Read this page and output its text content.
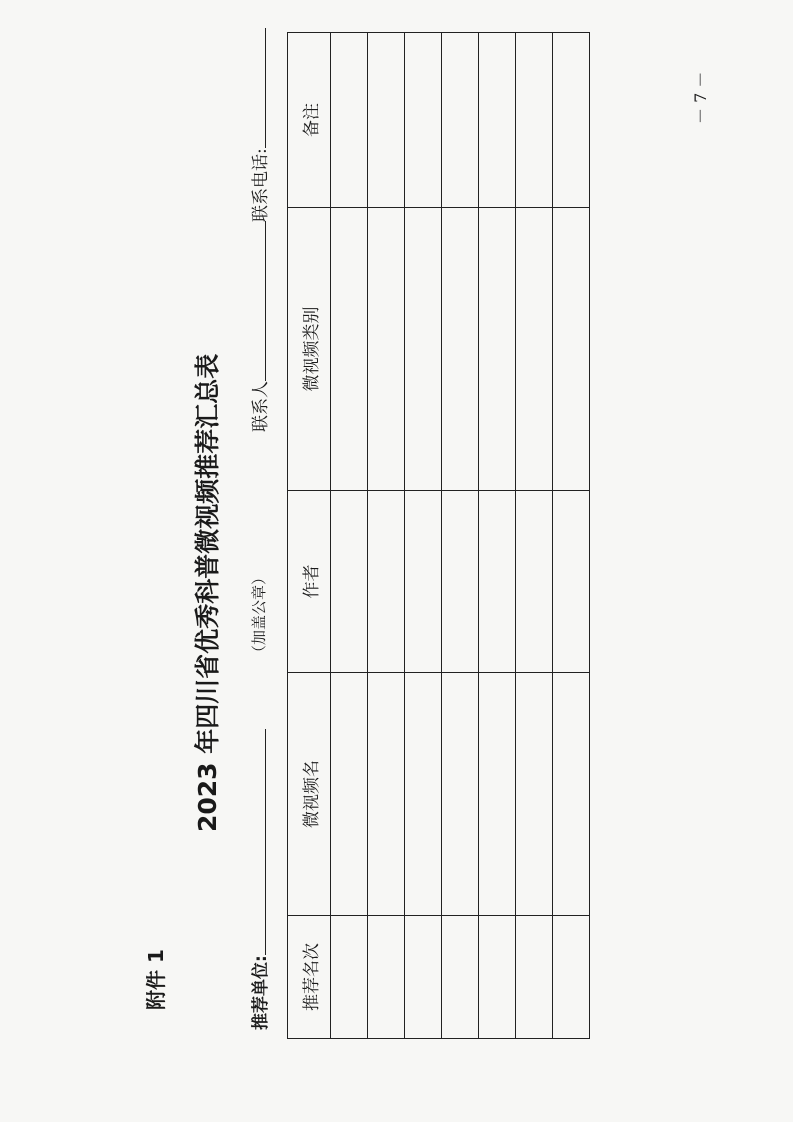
附件 1
2023 年四川省优秀科普微视频推荐汇总表
推荐单位:
（加盖公章）
联系人
联系电话:
推荐名次	微视频名	作者	微视频类别	备注

					－ 7 －
